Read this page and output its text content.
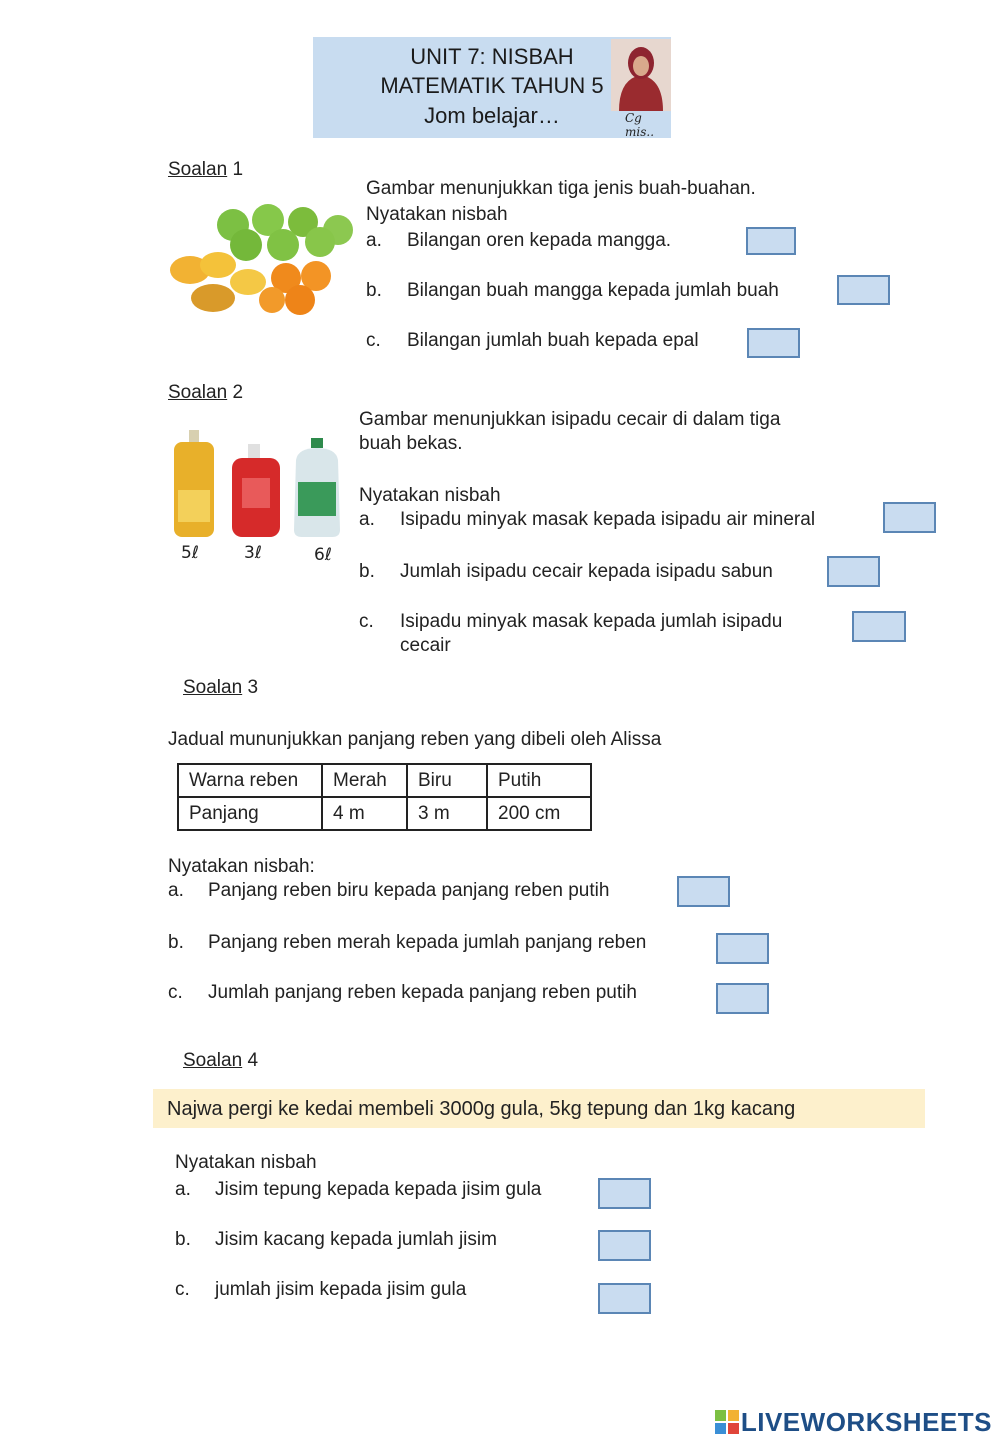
UNIT 7: NISBAH
MATEMATIK TAHUN 5
Jom belajar…	Cg mis..
Soalan 1
Gambar menunjukkan tiga jenis buah-buahan.
Nyatakan nisbah
a. Bilangan oren kepada mangga.
b. Bilangan buah mangga kepada jumlah buah
c. Bilangan jumlah buah kepada epal
Soalan 2
5ℓ	3ℓ	6ℓ
Gambar menunjukkan isipadu cecair di dalam tiga
buah bekas.
Nyatakan nisbah
a. Isipadu minyak masak kepada isipadu air mineral
b. Jumlah isipadu cecair kepada isipadu sabun
c. Isipadu minyak masak kepada jumlah isipadu
cecair
Soalan 3
Jadual mununjukkan panjang reben yang dibeli oleh Alissa
Warna reben	Merah	Biru	Putih
Panjang	4 m	3 m	200 cm
Nyatakan nisbah:
a. Panjang reben biru kepada panjang reben putih
b. Panjang reben merah kepada jumlah panjang reben
c. Jumlah panjang reben kepada panjang reben putih
Soalan 4
Najwa pergi ke kedai membeli 3000g gula, 5kg tepung dan 1kg kacang
Nyatakan nisbah
a. Jisim tepung kepada kepada jisim gula
b. Jisim kacang kepada jumlah jisim
c. jumlah jisim kepada jisim gula
LIVEWORKSHEETS
